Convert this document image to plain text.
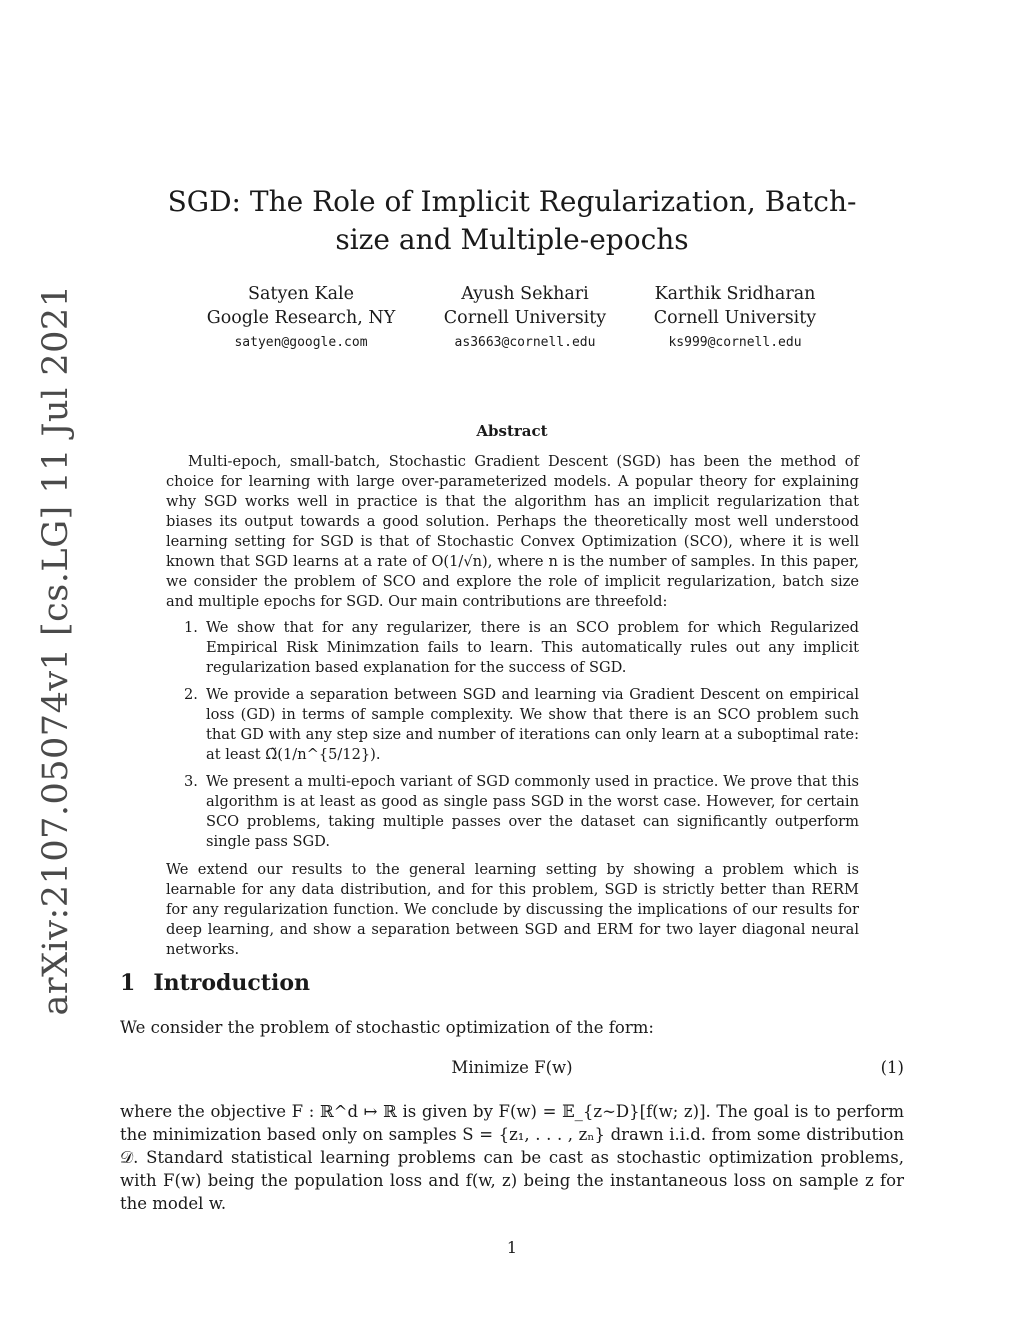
arXiv:2107.05074v1 [cs.LG] 11 Jul 2021
SGD: The Role of Implicit Regularization, Batch-size and Multiple-epochs
Satyen Kale
Google Research, NY
satyen@google.com
Ayush Sekhari
Cornell University
as3663@cornell.edu
Karthik Sridharan
Cornell University
ks999@cornell.edu
Abstract

Multi-epoch, small-batch, Stochastic Gradient Descent (SGD) has been the method of choice for learning with large over-parameterized models. A popular theory for explaining why SGD works well in practice is that the algorithm has an implicit regularization that biases its output towards a good solution. Perhaps the theoretically most well understood learning setting for SGD is that of Stochastic Convex Optimization (SCO), where it is well known that SGD learns at a rate of O(1/√n), where n is the number of samples. In this paper, we consider the problem of SCO and explore the role of implicit regularization, batch size and multiple epochs for SGD. Our main contributions are threefold:

1. We show that for any regularizer, there is an SCO problem for which Regularized Empirical Risk Minimzation fails to learn. This automatically rules out any implicit regularization based explanation for the success of SGD.
2. We provide a separation between SGD and learning via Gradient Descent on empirical loss (GD) in terms of sample complexity. We show that there is an SCO problem such that GD with any step size and number of iterations can only learn at a suboptimal rate: at least Ω̃(1/n^{5/12}).
3. We present a multi-epoch variant of SGD commonly used in practice. We prove that this algorithm is at least as good as single pass SGD in the worst case. However, for certain SCO problems, taking multiple passes over the dataset can significantly outperform single pass SGD.

We extend our results to the general learning setting by showing a problem which is learnable for any data distribution, and for this problem, SGD is strictly better than RERM for any regularization function. We conclude by discussing the implications of our results for deep learning, and show a separation between SGD and ERM for two layer diagonal neural networks.

1 Introduction

We consider the problem of stochastic optimization of the form:

Minimize F(w)	(1)

where the objective F : ℝ^d ↦ ℝ is given by F(w) = 𝔼_{z∼D}[f(w; z)]. The goal is to perform the minimization based only on samples S = {z₁, . . . , zₙ} drawn i.i.d. from some distribution 𝒟. Standard statistical learning problems can be cast as stochastic optimization problems, with F(w) being the population loss and f(w, z) being the instantaneous loss on sample z for the model w.

1
